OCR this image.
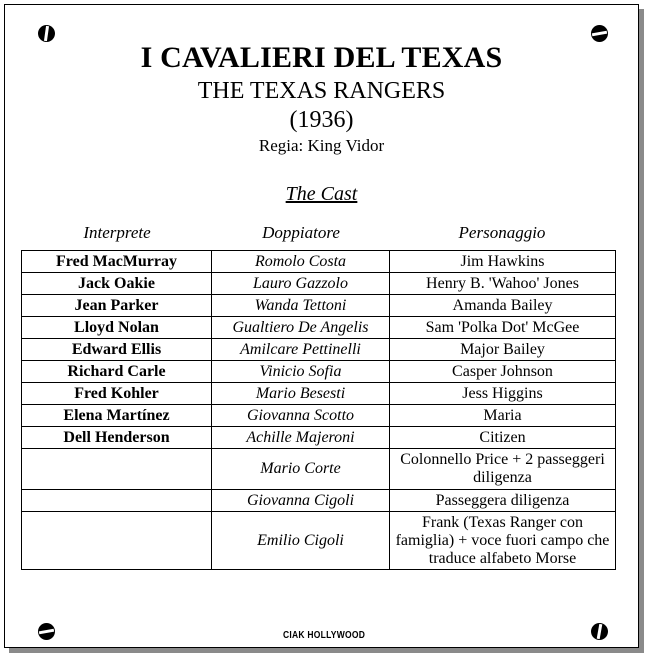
I CAVALIERI DEL TEXAS
THE TEXAS RANGERS
(1936)
Regia: King Vidor
The Cast
Interprete	Doppiatore	Personaggio
Fred MacMurray	Romolo Costa	Jim Hawkins
Jack Oakie	Lauro Gazzolo	Henry B. 'Wahoo' Jones
Jean Parker	Wanda Tettoni	Amanda Bailey
Lloyd Nolan	Gualtiero De Angelis	Sam 'Polka Dot' McGee
Edward Ellis	Amilcare Pettinelli	Major Bailey
Richard Carle	Vinicio Sofia	Casper Johnson
Fred Kohler	Mario Besesti	Jess Higgins
Elena Martínez	Giovanna Scotto	Maria
Dell Henderson	Achille Majeroni	Citizen
	Mario Corte	Colonnello Price + 2 passeggeri diligenza
	Giovanna Cigoli	Passeggera diligenza
	Emilio Cigoli	Frank (Texas Ranger con famiglia) + voce fuori campo che traduce alfabeto Morse
CIAK HOLLYWOOD
